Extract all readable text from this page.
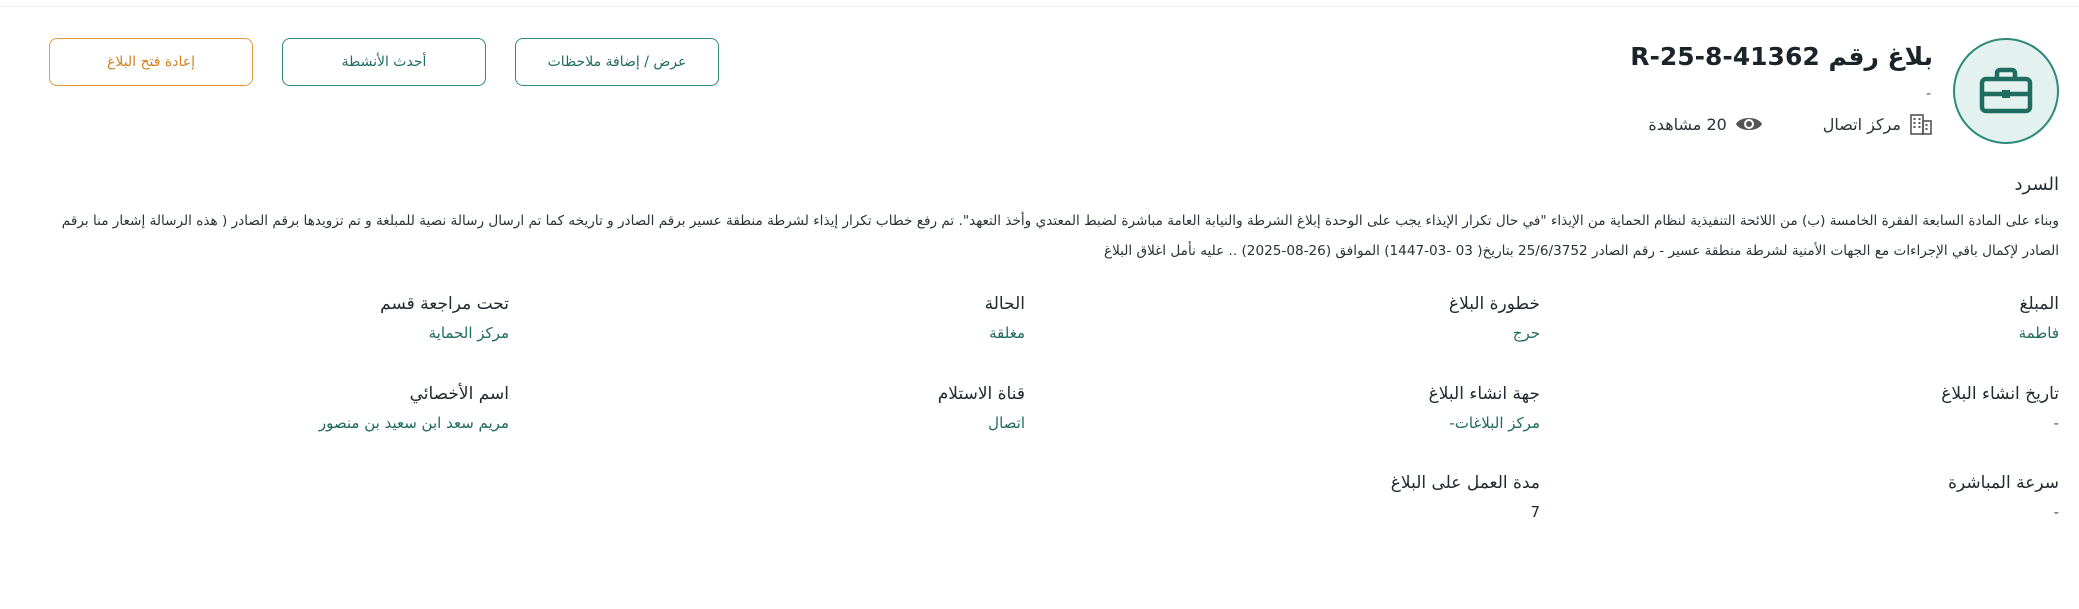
بلاغ رقم R-25-8-41362
-
مركز اتصال
20 مشاهدة
عرض / إضافة ملاحظات
أحدث الأنشطة
إعادة فتح البلاغ
السرد
وبناء على المادة السابعة الفقرة الخامسة (ب) من اللائحة التنفيذية لنظام الحماية من الإيذاء "في حال تكرار الإيذاء يجب على الوحدة إبلاغ الشرطة والنيابة العامة مباشرة لضبط المعتدي وأخذ التعهد". تم رفع خطاب تكرار إيذاء لشرطة منطقة عسير برقم الصادر و تاريخه كما تم ارسال رسالة نصية للمبلغة و تم تزويدها برقم الصادر ( هذه الرسالة إشعار منا برقم الصادر لإكمال باقي الإجراءات مع الجهات الأمنية لشرطة منطقة عسير - رقم الصادر 25/6/3752 بتاريخ( 03 -03-1447) الموافق (26-08-2025) .. عليه نأمل اغلاق البلاغ
المبلغ
فاطمة
خطورة البلاغ
حرج
الحالة
مغلقة
تحت مراجعة قسم
مركز الحماية
تاريخ انشاء البلاغ
-
جهة انشاء البلاغ
مركز البلاغات-
قناة الاستلام
اتصال
اسم الأخصائي
مريم سعد ابن سعيد بن منصور
سرعة المباشرة
-
مدة العمل على البلاغ
7
